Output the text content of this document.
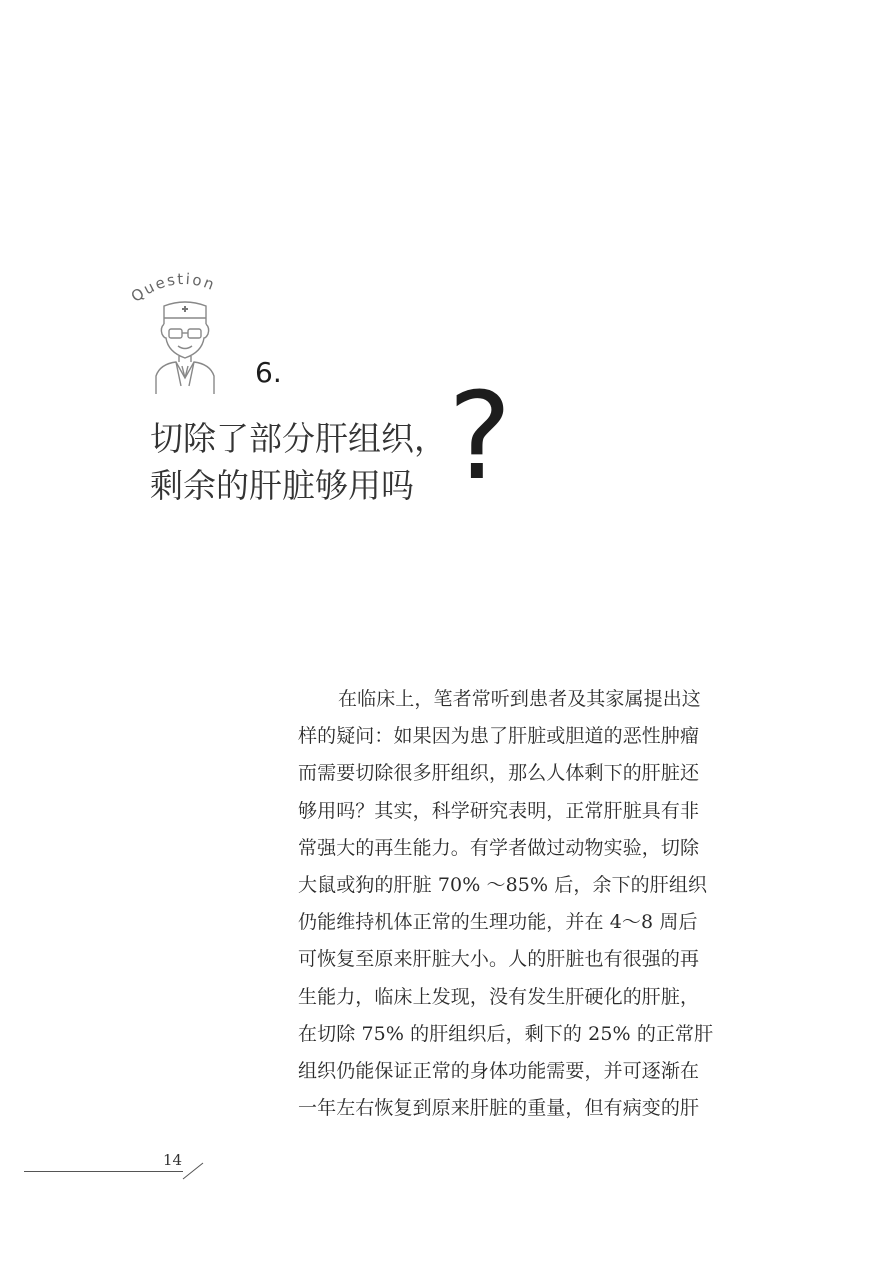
Question
6.
切除了部分肝组织，
剩余的肝脏够用吗 ?
在临床上，笔者常听到患者及其家属提出这
样的疑问：如果因为患了肝脏或胆道的恶性肿瘤
而需要切除很多肝组织，那么人体剩下的肝脏还
够用吗？其实，科学研究表明，正常肝脏具有非
常强大的再生能力。有学者做过动物实验，切除
大鼠或狗的肝脏 70% ～85% 后，余下的肝组织
仍能维持机体正常的生理功能，并在 4～8 周后
可恢复至原来肝脏大小。人的肝脏也有很强的再
生能力，临床上发现，没有发生肝硬化的肝脏，
在切除 75% 的肝组织后，剩下的 25% 的正常肝
组织仍能保证正常的身体功能需要，并可逐渐在
一年左右恢复到原来肝脏的重量，但有病变的肝
14
